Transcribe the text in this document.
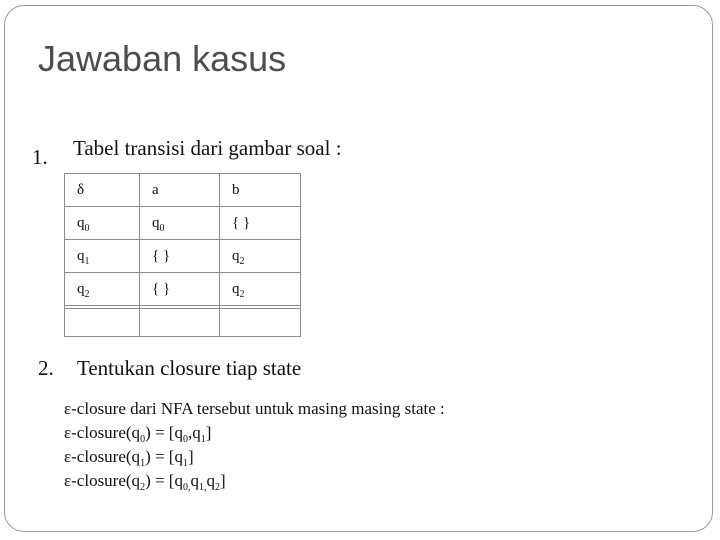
Jawaban kasus
1. Tabel transisi dari gambar soal :
δ	a	b
$q_0$	$q_0$	{ }
$q_1$	{ }	$q_2$
$q_2$	{ }	$q_2$

2. Tentukan closure tiap state
ε-closure dari NFA tersebut untuk masing masing state :
$\varepsilon-closure(q_0) = [q_0,q_1]$
$\varepsilon-closure(q_1) = [q_1]$
$\varepsilon-closure(q_2) = [q_{0,}q_{1,}q_2]$
